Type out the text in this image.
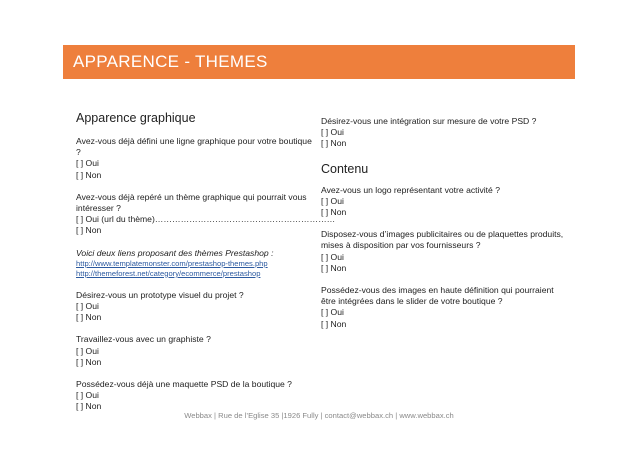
APPARENCE - THEMES
Apparence graphique
Avez-vous déjà défini une ligne graphique pour votre boutique ?
[ ] Oui
[ ] Non
Avez-vous déjà repéré un thème graphique qui pourrait vous intéresser ?
[ ] Oui (url du thème)………………………………………………………
[ ] Non
Voici deux liens proposant des thèmes Prestashop :
http://www.templatemonster.com/prestashop-themes.php
http://themeforest.net/category/ecommerce/prestashop
Désirez-vous un prototype visuel du projet ?
[ ] Oui
[ ] Non
Travaillez-vous avec un graphiste ?
[ ] Oui
[ ] Non
Possédez-vous déjà une maquette PSD de la boutique ?
[ ] Oui
[ ] Non
Désirez-vous une intégration sur mesure de votre PSD ?
[ ] Oui
[ ] Non
Contenu
Avez-vous un logo représentant votre activité ?
[ ] Oui
[ ] Non
Disposez-vous d’images publicitaires ou de plaquettes produits, mises à disposition par vos fournisseurs ?
[ ] Oui
[ ] Non
Possédez-vous des images en haute définition qui pourraient être intégrées dans le slider de votre boutique ?
[ ] Oui
[ ] Non
Webbax | Rue de l’Eglise 35 |1926 Fully | contact@webbax.ch | www.webbax.ch
